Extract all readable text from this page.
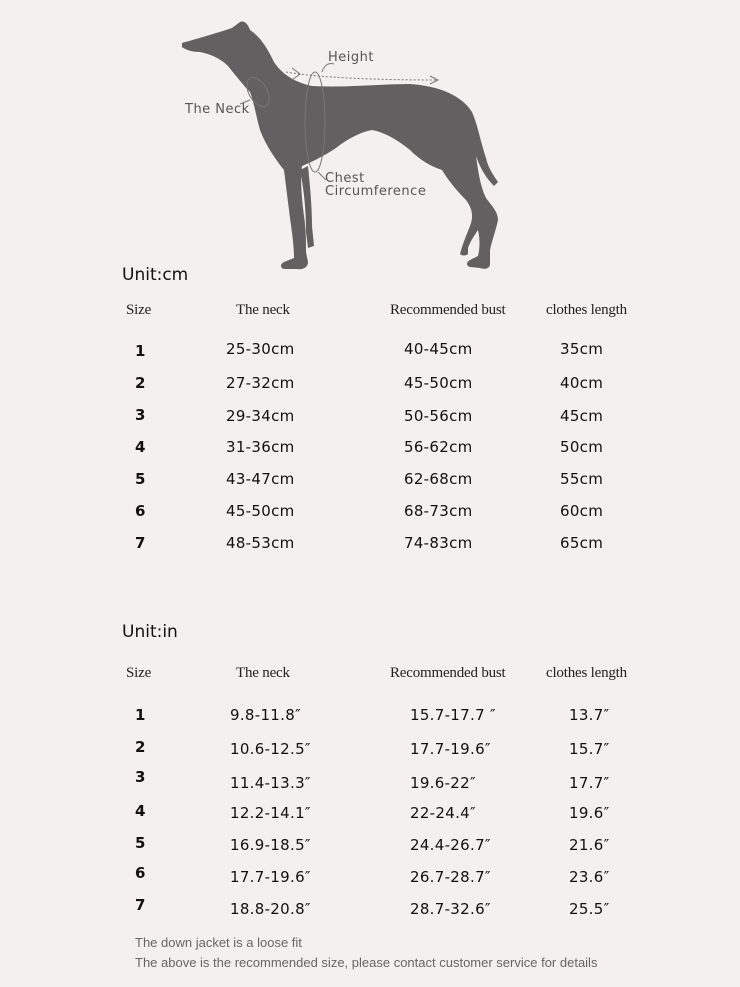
Height
The Neck
Chest
Circumference
Unit:cm
Size	The neck	Recommended bust	clothes length
1	25-30cm	40-45cm	35cm
2	27-32cm	45-50cm	40cm
3	29-34cm	50-56cm	45cm
4	31-36cm	56-62cm	50cm
5	43-47cm	62-68cm	55cm
6	45-50cm	68-73cm	60cm
7	48-53cm	74-83cm	65cm
Unit:in
Size	The neck	Recommended bust	clothes length
1	9.8-11.8″	15.7-17.7 ″	13.7″
2	10.6-12.5″	17.7-19.6″	15.7″
3	11.4-13.3″	19.6-22″	17.7″
4	12.2-14.1″	22-24.4″	19.6″
5	16.9-18.5″	24.4-26.7″	21.6″
6	17.7-19.6″	26.7-28.7″	23.6″
7	18.8-20.8″	28.7-32.6″	25.5″
The down jacket is a loose fit
The above is the recommended size, please contact customer service for details
